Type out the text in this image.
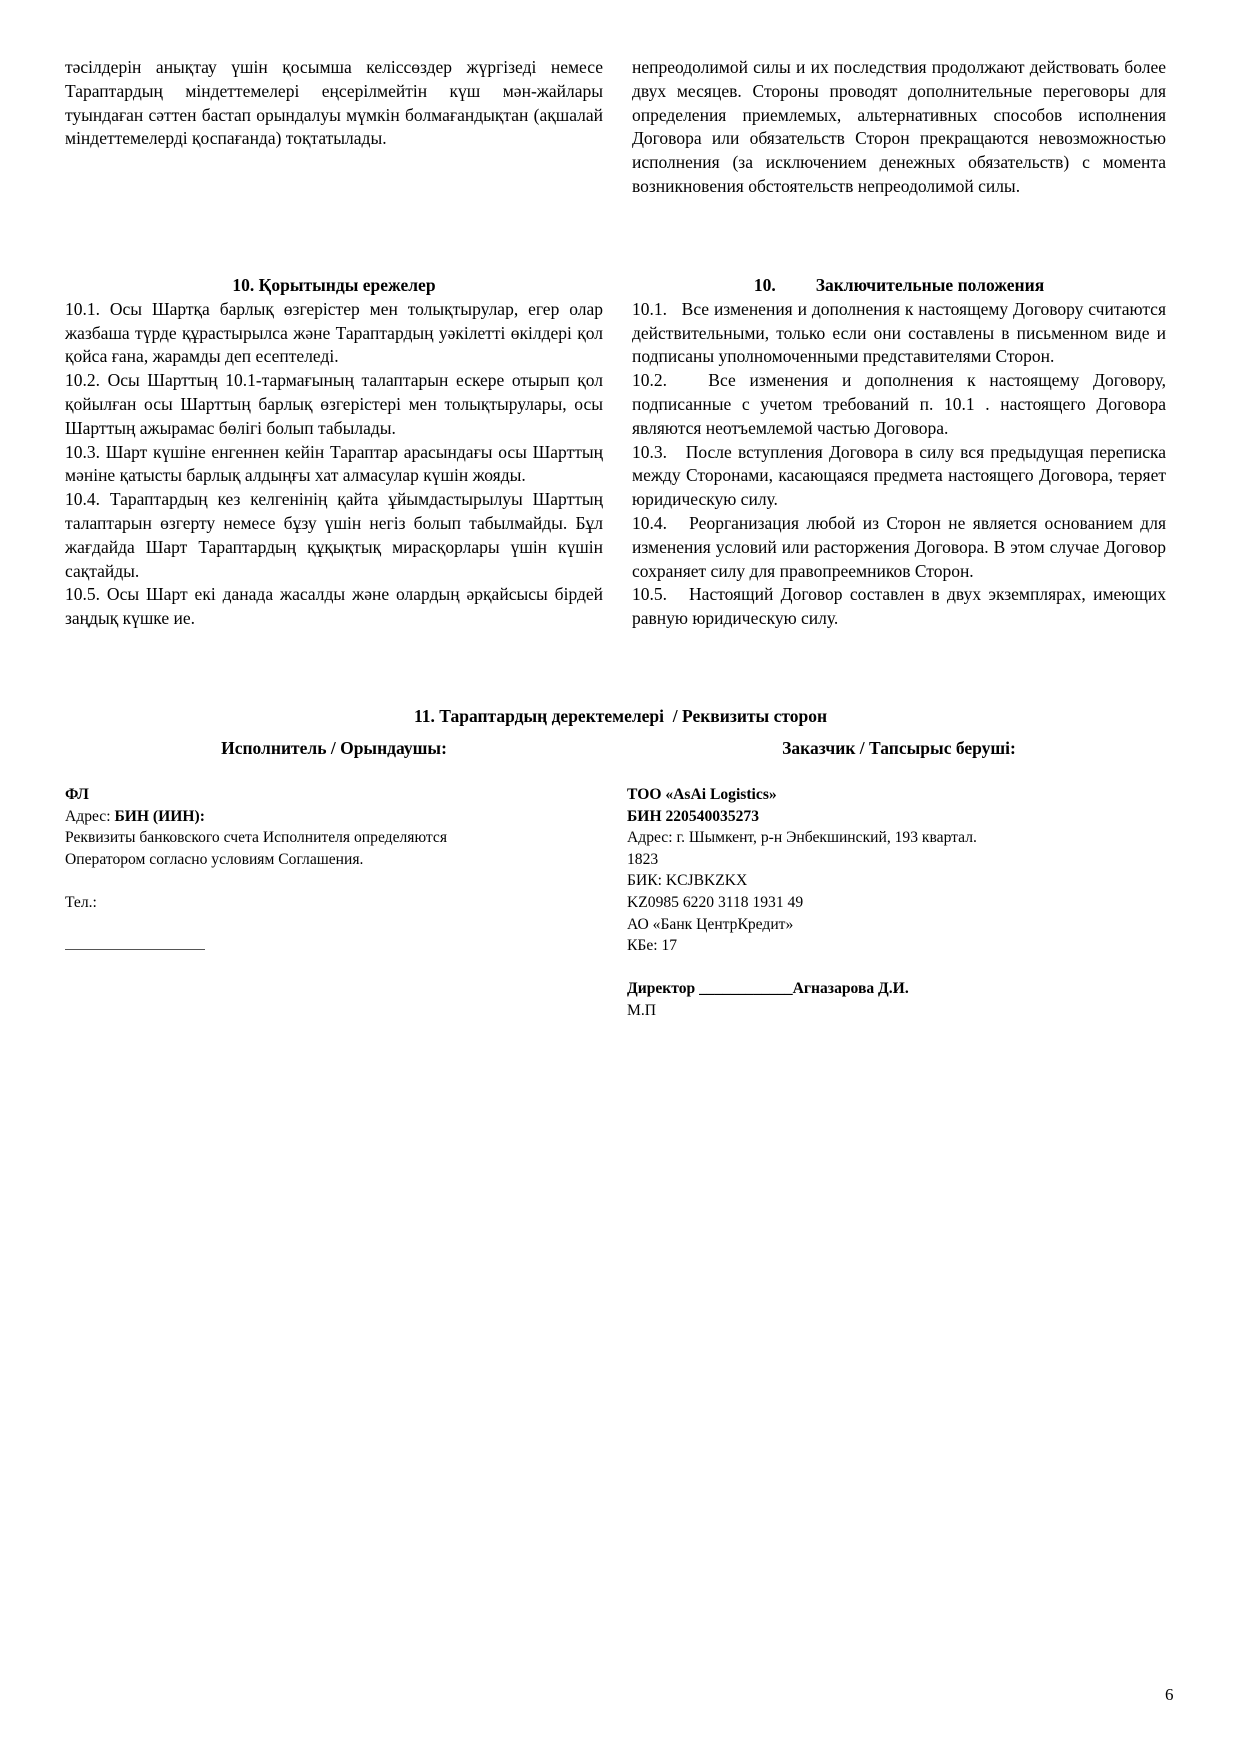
тәсілдерін анықтау үшін қосымша келіссөздер жүргізеді немесе Тараптардың міндеттемелері еңсерілмейтін күш мән-жайлары туындаған сәттен бастап орындалуы мүмкін болмағандықтан (ақшалай міндеттемелерді қоспағанда) тоқтатылады.

непреодолимой силы и их последствия продолжают действовать более двух месяцев. Стороны проводят дополнительные переговоры для определения приемлемых, альтернативных способов исполнения Договора или обязательств Сторон прекращаются невозможностью исполнения (за исключением денежных обязательств) с момента возникновения обстоятельств непреодолимой силы.

10. Қорытынды ережелер

10.1. Осы Шартқа барлық өзгерістер мен толықтырулар, егер олар жазбаша түрде құрастырылса және Тараптардың уәкілетті өкілдері қол қойса ғана, жарамды деп есептеледі.

10.2. Осы Шарттың 10.1-тармағының талаптарын ескере отырып қол қойылған осы Шарттың барлық өзгерістері мен толықтырулары, осы Шарттың ажырамас бөлігі болып табылады.

10.3. Шарт күшіне енгеннен кейін Тараптар арасындағы осы Шарттың мәніне қатысты барлық алдыңғы хат алмасулар күшін жояды.

10.4. Тараптардың кез келгенінің қайта ұйымдастырылуы Шарттың талаптарын өзгерту немесе бұзу үшін негіз болып табылмайды. Бұл жағдайда Шарт Тараптардың құқықтық мирасқорлары үшін күшін сақтайды.

10.5. Осы Шарт екі данада жасалды және олардың әрқайсысы бірдей заңдық күшке ие.

10. Заключительные положения

10.1.   Все изменения и дополнения к настоящему Договору считаются действительными, только если они составлены в письменном виде и подписаны уполномоченными представителями Сторон.

10.2.   Все изменения и дополнения к настоящему Договору, подписанные с учетом требований п. 10.1 . настоящего Договора являются неотъемлемой частью Договора.

10.3.   После вступления Договора в силу вся предыдущая переписка между Сторонами, касающаяся предмета настоящего Договора, теряет юридическую силу.

10.4.   Реорганизация любой из Сторон не является основанием для изменения условий или расторжения Договора. В этом случае Договор сохраняет силу для правопреемников Сторон.

10.5.   Настоящий Договор составлен в двух экземплярах, имеющих равную юридическую силу.

11. Тараптардың деректемелері  / Реквизиты сторон
Исполнитель / Орындаушы:	Заказчик / Тапсырыс беруші:
ФЛ
Адрес: БИН (ИИН):
Реквизиты банковского счета Исполнителя определяются
Оператором согласно условиям Соглашения.
Тел.:
ТОО «AsAi Logistics»
БИН 220540035273
Адрес: г. Шымкент, р-н Энбекшинский, 193 квартал.
1823
БИК: KCJBKZKX
KZ0985 6220 3118 1931 49
АО «Банк ЦентрКредит»
КБе: 17
Директор ____________Агназарова Д.И.
М.П
6
